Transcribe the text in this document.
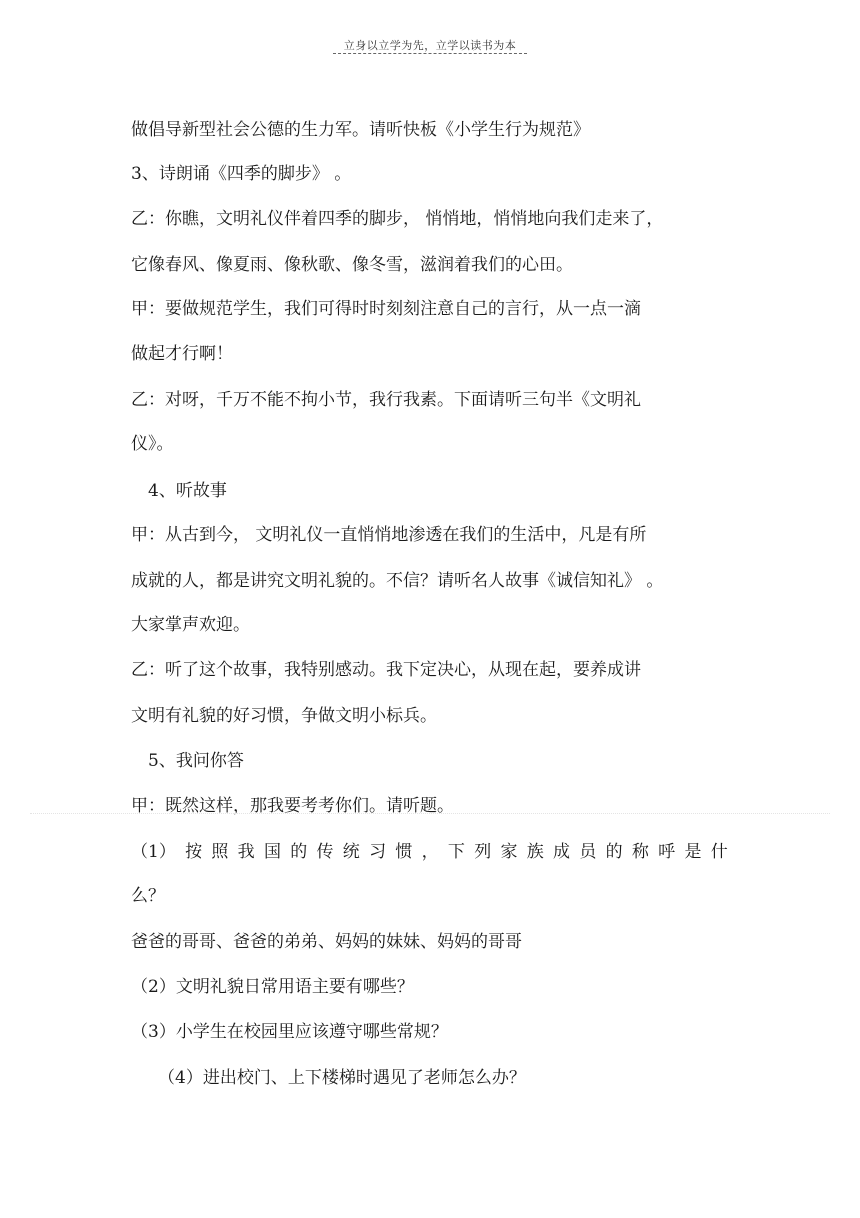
立身以立学为先，立学以读书为本
做倡导新型社会公德的生力军。请听快板《小学生行为规范》
3、诗朗诵《四季的脚步》 。
乙：你瞧，文明礼仪伴着四季的脚步， 悄悄地，悄悄地向我们走来了，
它像春风、像夏雨、像秋歌、像冬雪，滋润着我们的心田。
甲：要做规范学生，我们可得时时刻刻注意自己的言行，从一点一滴
做起才行啊！
乙：对呀，千万不能不拘小节，我行我素。下面请听三句半《文明礼
仪》。
4、听故事
甲：从古到今， 文明礼仪一直悄悄地渗透在我们的生活中，凡是有所
成就的人，都是讲究文明礼貌的。不信？请听名人故事《诚信知礼》 。
大家掌声欢迎。
乙：听了这个故事，我特别感动。我下定决心，从现在起，要养成讲
文明有礼貌的好习惯，争做文明小标兵。
5、我问你答
甲：既然这样，那我要考考你们。请听题。
（1） 按 照 我 国 的 传 统 习 惯 ， 下 列 家 族 成 员 的 称 呼 是 什
么？
爸爸的哥哥、爸爸的弟弟、妈妈的妹妹、妈妈的哥哥
（2）文明礼貌日常用语主要有哪些？
（3）小学生在校园里应该遵守哪些常规？
（4）进出校门、上下楼梯时遇见了老师怎么办？
